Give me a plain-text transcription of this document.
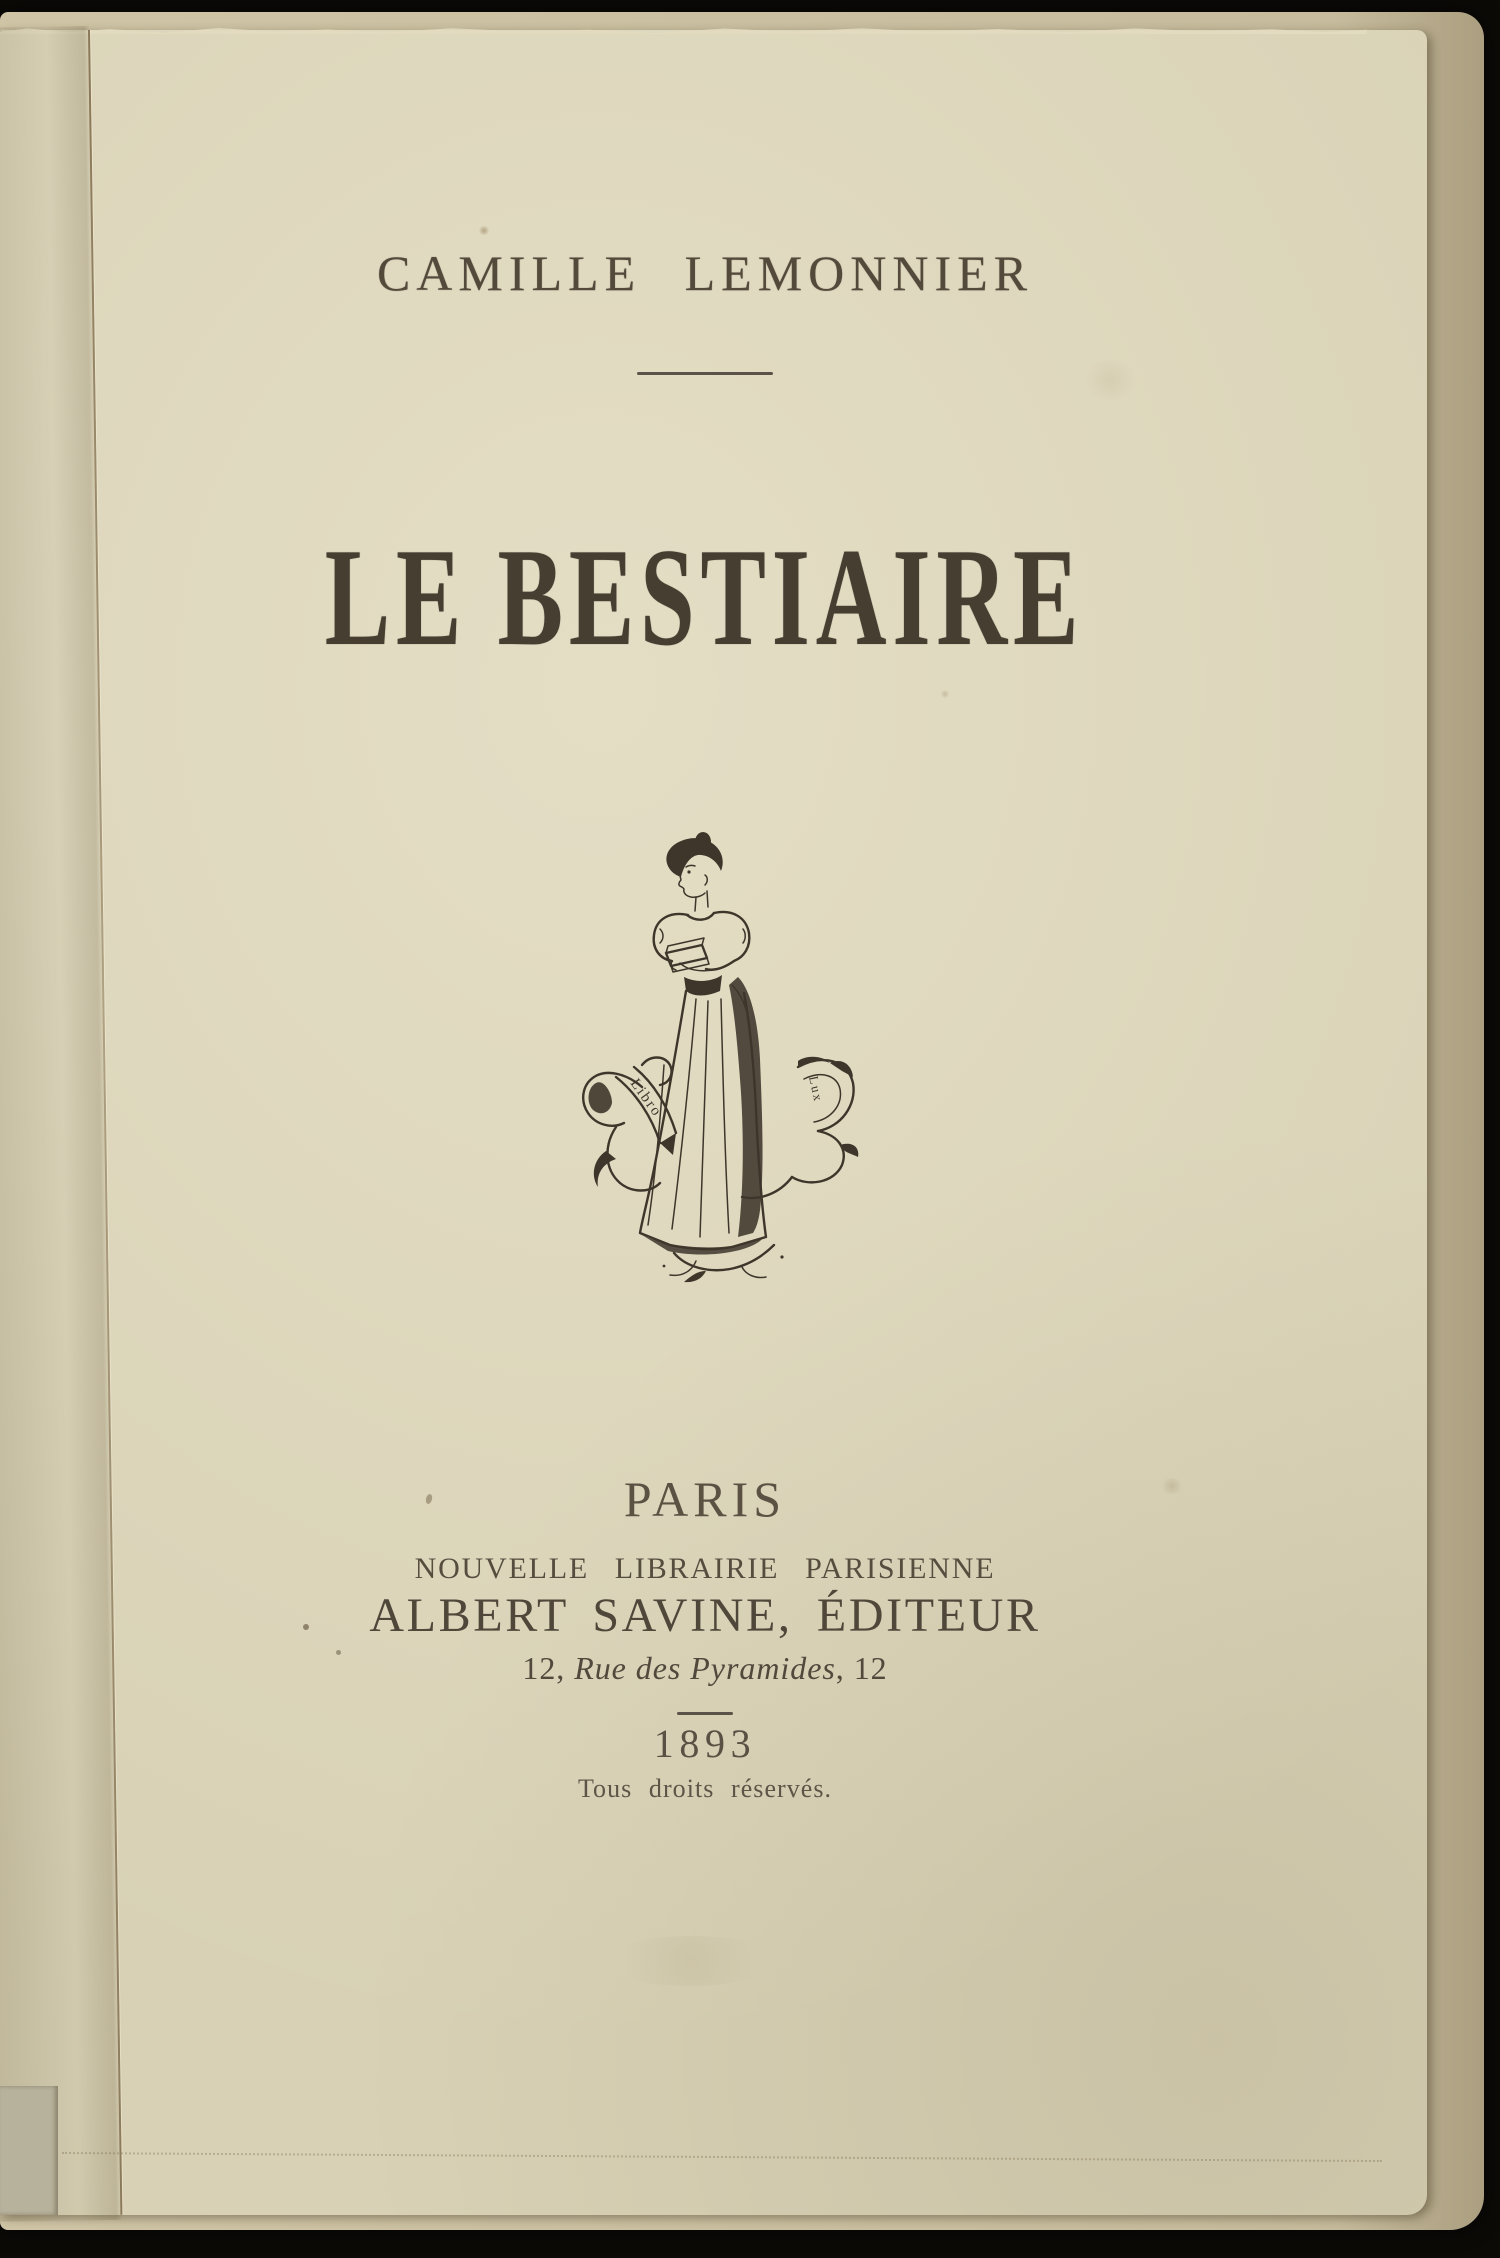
CAMILLE LEMONNIER
LE BESTIAIRE
Libro	Lux
PARIS
NOUVELLE LIBRAIRIE PARISIENNE
ALBERT SAVINE, ÉDITEUR
12, Rue des Pyramides, 12
1893
Tous droits réservés.
